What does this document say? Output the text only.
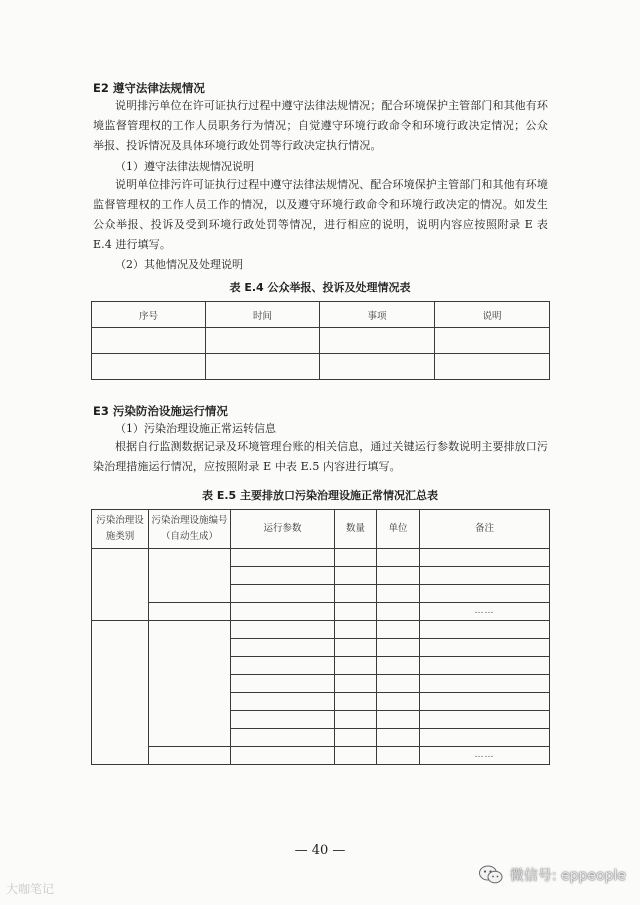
E2 遵守法律法规情况
说明排污单位在许可证执行过程中遵守法律法规情况；配合环境保护主管部门和其他有环境监督管理权的工作人员职务行为情况；自觉遵守环境行政命令和环境行政决定情况；公众举报、投诉情况及具体环境行政处罚等行政决定执行情况。
（1）遵守法律法规情况说明
说明单位排污许可证执行过程中遵守法律法规情况、配合环境保护主管部门和其他有环境监督管理权的工作人员工作的情况，以及遵守环境行政命令和环境行政决定的情况。如发生公众举报、投诉及受到环境行政处罚等情况，进行相应的说明，说明内容应按照附录 E 表 E.4 进行填写。
（2）其他情况及处理说明
表 E.4 公众举报、投诉及处理情况表
序号	时间	事项	说明

E3 污染防治设施运行情况
（1）污染治理设施正常运转信息
根据自行监测数据记录及环境管理台账的相关信息，通过关键运行参数说明主要排放口污染治理措施运行情况，应按照附录 E 中表 E.5 内容进行填写。
表 E.5 主要排放口污染治理设施正常情况汇总表
污染治理设施类别	污染治理设施编号（自动生成）	运行参数	数量	单位	备注

					……

					……
— 40 —
大咖笔记
微信号: eppeople
